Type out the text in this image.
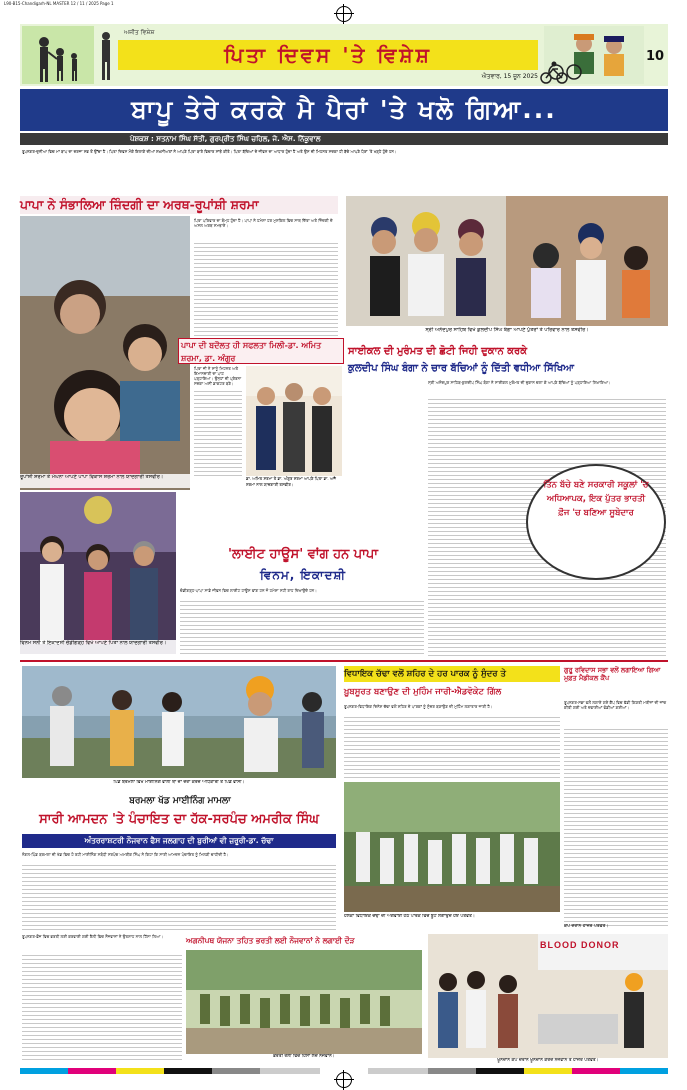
L90-B15-Chandigarh-NL MASTER 12 / 11 / 2025 Page 1
ਅਜੀਤ ਵਿਸ਼ੇਸ਼
ਪਿਤਾ ਦਿਵਸ 'ਤੇ ਵਿਸ਼ੇਸ਼
ਐਤਵਾਰ, 15 ਜੂਨ 2025
10
ਬਾਪੂ ਤੇਰੇ ਕਰਕੇ ਮੈ ਪੈਰਾਂ 'ਤੇ ਖਲੋ ਗਿਆ...
ਪੇਸ਼ਕਸ਼ : ਸਤਨਾਮ ਸਿੰਘ ਸੱਤੀ, ਗੁਰਪ੍ਰੀਤ ਸਿੰਘ ਚਹਿਲ, ਜੇ. ਐਸ. ਨਿੱਕੂਵਾਲ
ਰੂਪਨਗਰ-ਦੁਨੀਆ ਵਿਚ ਮਾਂ ਬਾਪ ਦਾ ਦਰਜਾ ਸਭ ਤੋਂ ਉੱਚਾ ਹੈ। ਪਿਤਾ ਦਿਵਸ ਮੌਕੇ ਇਲਾਕੇ ਦੀਆਂ ਸ਼ਖ਼ਸੀਅਤਾਂ ਨੇ ਆਪਣੇ ਪਿਤਾ ਬਾਰੇ ਵਿਚਾਰ ਸਾਂਝੇ ਕੀਤੇ। ਪਿਤਾ ਬੱਚਿਆਂ ਦੇ ਜੀਵਨ ਦਾ ਆਧਾਰ ਹੁੰਦਾ ਹੈ ਅਤੇ ਉਸ ਦੀ ਮਿਹਨਤ ਸਦਕਾ ਹੀ ਬੱਚੇ ਆਪਣੇ ਪੈਰਾਂ 'ਤੇ ਖੜ੍ਹੇ ਹੁੰਦੇ ਹਨ।
ਪਾਪਾ ਨੇ ਸੰਭਾਲਿਆ ਜ਼ਿੰਦਗੀ ਦਾ ਅਰਥ-ਰੂਪਾਂਸ਼ੀ ਸ਼ਰਮਾ
ਰੂਪਾਂਸ਼ੀ ਸ਼ਰਮਾ ਤੇ ਮੇਘਨਾ ਆਪਣੇ ਪਾਪਾ ਵਿਕਾਸ ਸ਼ਰਮਾ ਨਾਲ ਯਾਦਗਾਰੀ ਤਸਵੀਰ।
ਪਿਤਾ ਪਰਿਵਾਰ ਦਾ ਥੰਮ੍ਹ ਹੁੰਦਾ ਹੈ। ਪਾਪਾ ਨੇ ਹਮੇਸ਼ਾ ਹਰ ਮੁਸ਼ਕਿਲ ਵਿਚ ਸਾਥ ਦਿੱਤਾ ਅਤੇ ਜ਼ਿੰਦਗੀ ਦੇ ਅਸਲ ਅਰਥ ਸਮਝਾਏ।
ਸ੍ਰੀ ਅਨੰਦਪੁਰ ਸਾਹਿਬ ਵਿਖੇ ਕੁਲਦੀਪ ਸਿੰਘ ਬੰਗਾ ਆਪਣੇ ਪੁੱਤਰਾਂ ਤੇ ਪਰਿਵਾਰ ਨਾਲ ਤਸਵੀਰ।
ਪਾਪਾ ਦੀ ਬਦੌਲਤ ਹੀ ਸਫਲਤਾ ਮਿਲੀ-ਡਾ. ਅਮਿਤ ਸ਼ਰਮਾ, ਡਾ. ਅੰਗੁਰ
ਪਿਤਾ ਜੀ ਨੇ ਸਾਨੂੰ ਮਿਹਨਤ ਅਤੇ ਇਮਾਨਦਾਰੀ ਦਾ ਪਾਠ ਪੜ੍ਹਾਇਆ। ਉਨ੍ਹਾਂ ਦੀ ਪ੍ਰੇਰਨਾ ਸਦਕਾ ਅਸੀਂ ਡਾਕਟਰ ਬਣੇ।
ਡਾ. ਅਮਿਤ ਸ਼ਰਮਾ ਤੇ ਡਾ. ਅੰਗੁਰ ਸ਼ਰਮਾ ਆਪਣੇ ਪਿਤਾ ਡਾ. ਅਜੈ ਸ਼ਰਮਾ ਨਾਲ ਯਾਦਗਾਰੀ ਤਸਵੀਰ।
ਸਾਈਕਲ ਦੀ ਮੁਰੰਮਤ ਦੀ ਛੋਟੀ ਜਿਹੀ ਦੁਕਾਨ ਕਰਕੇ
ਕੁਲਦੀਪ ਸਿੰਘ ਬੰਗਾ ਨੇ ਚਾਰ ਬੱਚਿਆਂ ਨੂੰ ਦਿੱਤੀ ਵਧੀਆ ਸਿੱਖਿਆ
ਸ੍ਰੀ ਅਨੰਦਪੁਰ ਸਾਹਿਬ-ਕੁਲਦੀਪ ਸਿੰਘ ਬੰਗਾ ਨੇ ਸਾਈਕਲ ਮੁਰੰਮਤ ਦੀ ਦੁਕਾਨ ਚਲਾ ਕੇ ਆਪਣੇ ਬੱਚਿਆਂ ਨੂੰ ਪੜ੍ਹਾਇਆ ਲਿਖਾਇਆ।
ਤਿੰਨ ਬੱਚੇ ਬਣੇ ਸਰਕਾਰੀ ਸਕੂਲਾਂ 'ਚ ਅਧਿਆਪਕ, ਇਕ ਪੁੱਤਰ ਭਾਰਤੀ ਫ਼ੌਜ 'ਚ ਬਣਿਆ ਸੂਬੇਦਾਰ
ਵਿਨਮ ਸੋਨੀ ਤੇ ਇਕਾਦਸ਼ੀ ਚੰਡੀਗੜ੍ਹ ਵਿਖੇ ਆਪਣੇ ਪਿਤਾ ਨਾਲ ਯਾਦਗਾਰੀ ਤਸਵੀਰ।
'ਲਾਈਟ ਹਾਊਸ' ਵਾਂਗ ਹਨ ਪਾਪਾ
ਵਿਨਮ, ਇਕਾਦਸ਼ੀ
ਚੰਡੀਗੜ੍ਹ-ਪਾਪਾ ਸਾਡੇ ਜੀਵਨ ਵਿਚ ਲਾਈਟ ਹਾਊਸ ਵਾਂਗ ਹਨ ਜੋ ਹਮੇਸ਼ਾ ਸਹੀ ਰਾਹ ਦਿਖਾਉਂਦੇ ਹਨ।
ਪਿੰਡ ਬਰਮਲਾ ਵਿਖੇ ਮਾਈਨਿੰਗ ਵਾਲੀ ਥਾਂ ਦਾ ਦੌਰਾ ਕਰਦੇ ਅਧਿਕਾਰੀ ਤੇ ਪਿੰਡ ਵਾਸੀ।
ਬਰਮਲਾ ਖੱਡ ਮਾਈਨਿੰਗ ਮਾਮਲਾ
ਸਾਰੀ ਆਮਦਨ 'ਤੇ ਪੰਚਾਇਤ ਦਾ ਹੱਕ-ਸਰਪੰਚ ਅਮਰੀਕ ਸਿੰਘ
ਅੰਤਰਰਾਸ਼ਟਰੀ ਨੌਜਵਾਨ ਫੈਸ ਜਲਗਾਹ ਦੀ ਬੁਰੀਆਂ ਵੀ ਜ਼ਰੂਰੀ-ਡਾ. ਚੱਢਾ
ਨੰਗਲ-ਪਿੰਡ ਬਰਮਲਾ ਦੀ ਖੱਡ ਵਿਚ ਹੋ ਰਹੀ ਮਾਈਨਿੰਗ ਸਬੰਧੀ ਸਰਪੰਚ ਅਮਰੀਕ ਸਿੰਘ ਨੇ ਕਿਹਾ ਕਿ ਸਾਰੀ ਆਮਦਨ ਪੰਚਾਇਤ ਨੂੰ ਮਿਲਣੀ ਚਾਹੀਦੀ ਹੈ।
ਅਗਨੀਪਥ ਯੋਜਨਾ ਤਹਿਤ ਭਰਤੀ ਲਈ ਨੌਜਵਾਨਾਂ ਨੇ ਲਗਾਈ ਦੌੜ
ਰੂਪਨਗਰ-ਫ਼ੌਜ ਵਿਚ ਭਰਤੀ ਲਈ ਕਰਵਾਈ ਗਈ ਰੈਲੀ ਵਿਚ ਨੌਜਵਾਨਾਂ ਨੇ ਉਤਸ਼ਾਹ ਨਾਲ ਹਿੱਸਾ ਲਿਆ।
ਭਰਤੀ ਰੈਲੀ ਵਿਚ ਹਿੱਸਾ ਲੈਂਦੇ ਨੌਜਵਾਨ।
ਵਿਧਾਇਕ ਚੱਢਾ ਵਲੋਂ ਸ਼ਹਿਰ ਦੇ ਹਰ ਪਾਰਕ ਨੂੰ ਸੁੰਦਰ ਤੇ
ਖ਼ੂਬਸੂਰਤ ਬਣਾਉਣ ਦੀ ਮੁਹਿੰਮ ਜਾਰੀ-ਐਡਵੋਕੇਟ ਗਿੱਲ
ਰੂਪਨਗਰ-ਵਿਧਾਇਕ ਦਿਨੇਸ਼ ਚੱਢਾ ਵਲੋਂ ਸ਼ਹਿਰ ਦੇ ਪਾਰਕਾਂ ਨੂੰ ਸੁੰਦਰ ਬਣਾਉਣ ਦੀ ਮੁਹਿੰਮ ਲਗਾਤਾਰ ਜਾਰੀ ਹੈ।
ਹਲਕਾ ਵਿਧਾਇਕ ਚੱਢਾ ਦੀ ਅਗਵਾਈ ਹੇਠ ਪਾਰਕ ਵਿਚ ਬੂਟੇ ਲਗਾਉਂਦੇ ਹੋਏ ਪਤਵੰਤੇ।
ਗੁਰੂ ਰਵਿਦਾਸ ਸਭਾ ਵਲੋਂ ਲਗਾਇਆ ਗਿਆ ਮੁਫ਼ਤ ਮੈਡੀਕਲ ਕੈਂਪ
ਰੂਪਨਗਰ-ਸਭਾ ਵਲੋਂ ਲਗਾਏ ਗਏ ਕੈਂਪ ਵਿਚ ਵੱਡੀ ਗਿਣਤੀ ਮਰੀਜ਼ਾਂ ਦੀ ਜਾਂਚ ਕੀਤੀ ਗਈ ਅਤੇ ਦਵਾਈਆਂ ਵੰਡੀਆਂ ਗਈਆਂ।
ਕੈਂਪ ਦੌਰਾਨ ਹਾਜ਼ਰ ਪਤਵੰਤੇ।
BLOOD DONOR
ਖ਼ੂਨਦਾਨ ਕੈਂਪ ਦੌਰਾਨ ਖ਼ੂਨਦਾਨ ਕਰਦੇ ਨੌਜਵਾਨ ਤੇ ਹਾਜ਼ਰ ਪਤਵੰਤੇ।
